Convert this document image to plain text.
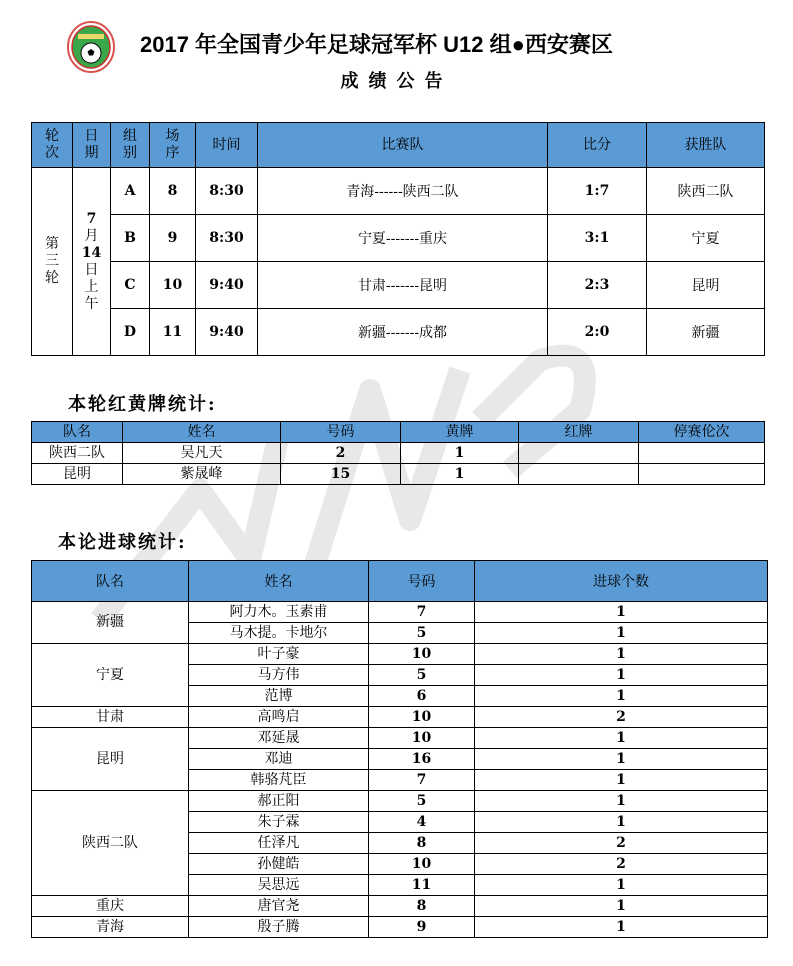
2017 年全国青少年足球冠军杯 U12 组●西安赛区
成绩公告
轮
次	日
期	组
别	场
序	时间	比赛队	比分	获胜队
第
三
轮	7
月
14
日
上
午	A	8	8:30	青海------陕西二队	1:7	陕西二队
		B	9	8:30	宁夏-------重庆	3:1	宁夏
		C	10	9:40	甘肃-------昆明	2:3	昆明
		D	11	9:40	新疆-------成都	2:0	新疆
本轮红黄牌统计:
队名	姓名	号码	黄牌	红牌	停赛伦次
陕西二队	吴凡天	2	1		
昆明	紫晟峰	15	1		
本论进球统计:
队名	姓名	号码	进球个数
新疆	阿力木。玉素甫	7	1
	马木提。卡地尔	5	1
宁夏	叶子豪	10	1
	马方伟	5	1
	范博	6	1
甘肃	高鸣启	10	2
昆明	邓延晟	10	1
	邓迪	16	1
	韩骆芃臣	7	1
陕西二队	郝正阳	5	1
	朱子霖	4	1
	任泽凡	8	2
	孙健皓	10	2
	吴思远	11	1
重庆	唐官尧	8	1
青海	殷子腾	9	1
